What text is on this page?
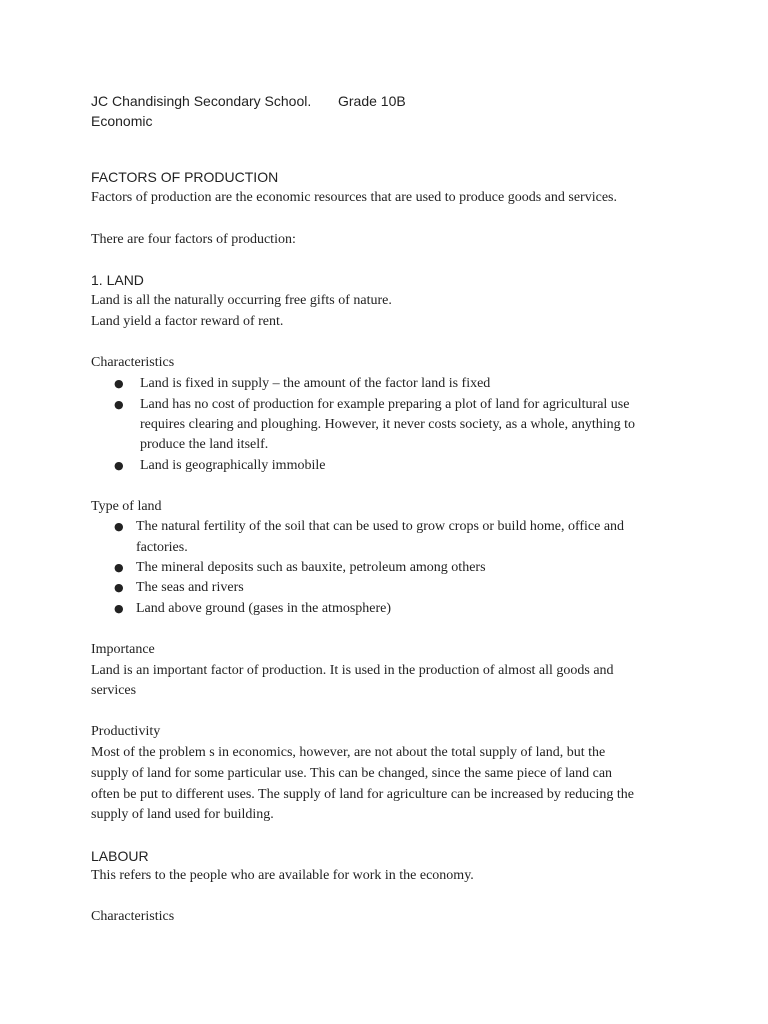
JC Chandisingh Secondary School. Grade 10B

Economic

FACTORS OF PRODUCTION

Factors of production are the economic resources that are used to produce goods and services.

There are four factors of production:

1. LAND

Land is all the naturally occurring free gifts of nature.

Land yield a factor reward of rent.

Characteristics

● Land is fixed in supply – the amount of the factor land is fixed

● Land has no cost of production for example preparing a plot of land for agricultural use

requires clearing and ploughing. However, it never costs society, as a whole, anything to

produce the land itself.

● Land is geographically immobile

Type of land

● The natural fertility of the soil that can be used to grow crops or build home, office and

factories.

● The mineral deposits such as bauxite, petroleum among others

● The seas and rivers

● Land above ground (gases in the atmosphere)

Importance

Land is an important factor of production. It is used in the production of almost all goods and

services

Productivity

Most of the problem s in economics, however, are not about the total supply of land, but the

supply of land for some particular use. This can be changed, since the same piece of land can

often be put to different uses. The supply of land for agriculture can be increased by reducing the

supply of land used for building.

LABOUR

This refers to the people who are available for work in the economy.

Characteristics
